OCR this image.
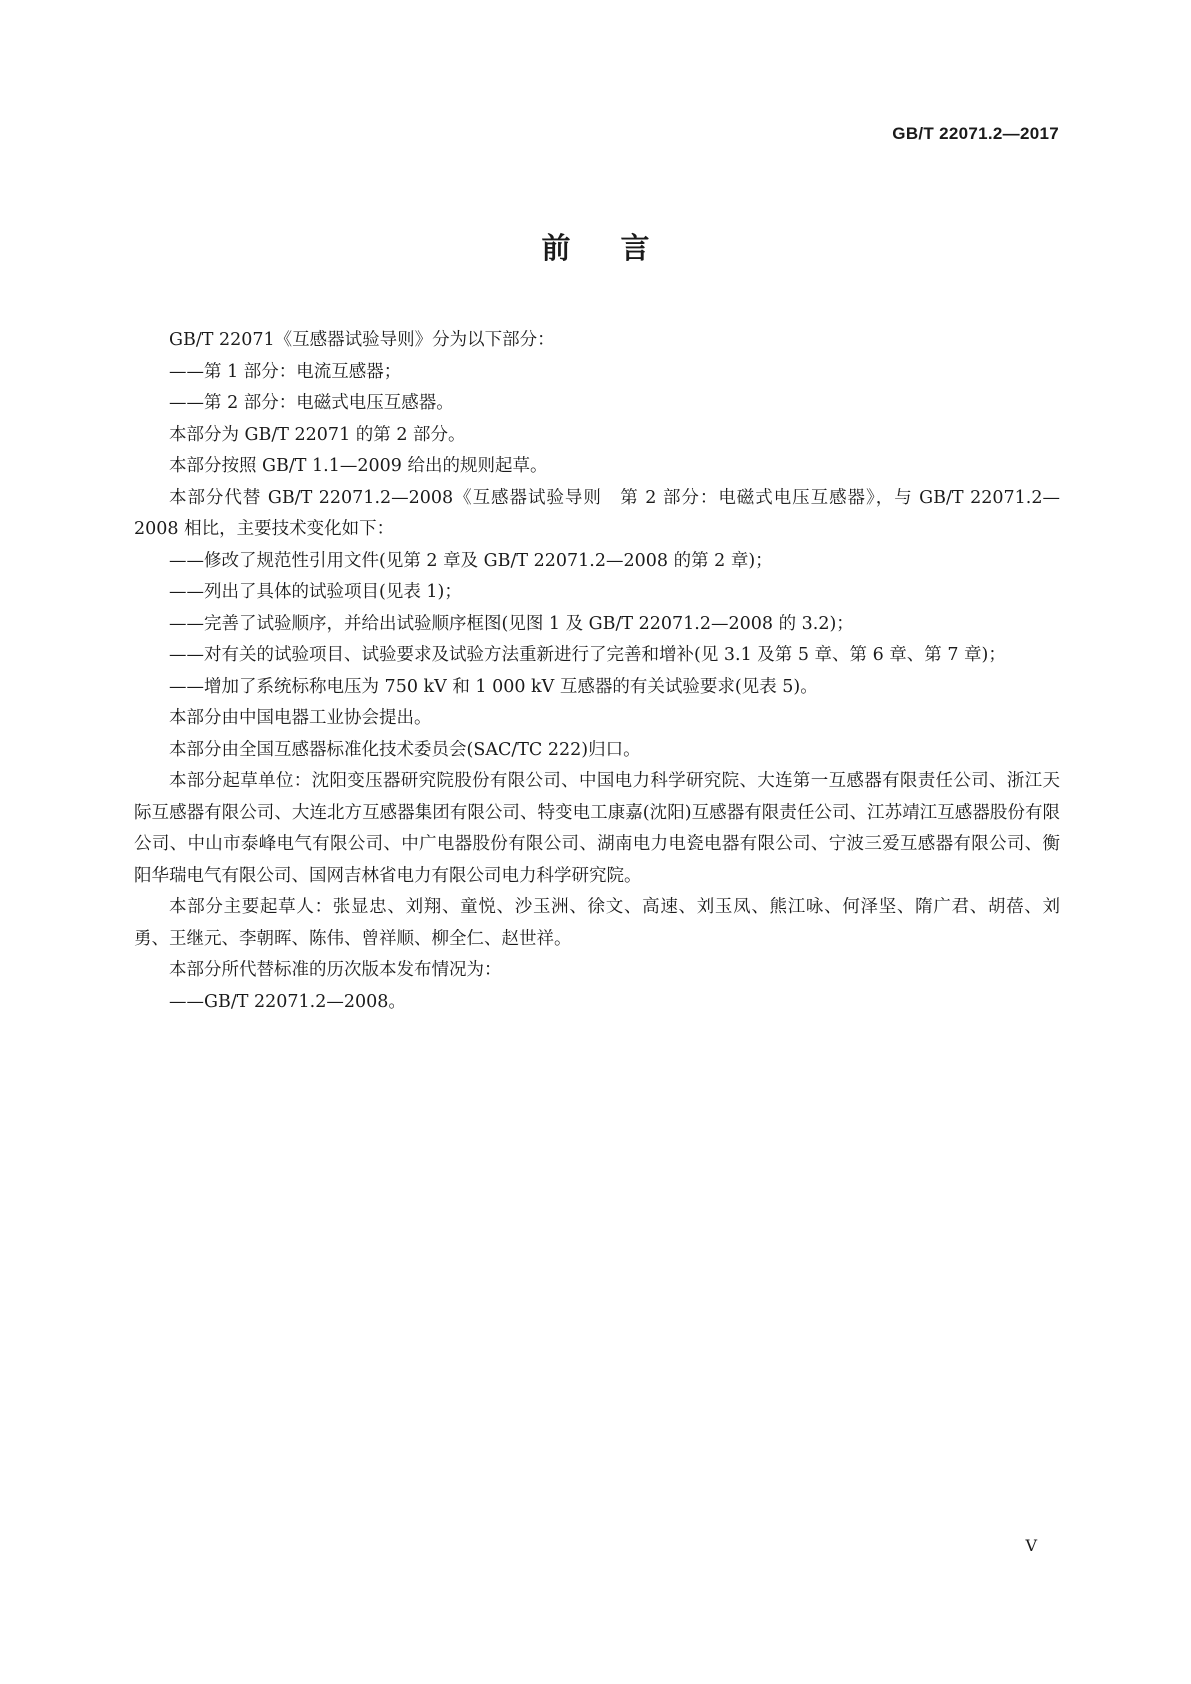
GB/T 22071.2—2017
前言

GB/T 22071《互感器试验导则》分为以下部分：

——第 1 部分：电流互感器；

——第 2 部分：电磁式电压互感器。

本部分为 GB/T 22071 的第 2 部分。

本部分按照 GB/T 1.1—2009 给出的规则起草。

本部分代替 GB/T 22071.2—2008《互感器试验导则　第 2 部分：电磁式电压互感器》，与 GB/T 22071.2—2008 相比，主要技术变化如下：

——修改了规范性引用文件(见第 2 章及 GB/T 22071.2—2008 的第 2 章)；

——列出了具体的试验项目(见表 1)；

——完善了试验顺序，并给出试验顺序框图(见图 1 及 GB/T 22071.2—2008 的 3.2)；

——对有关的试验项目、试验要求及试验方法重新进行了完善和增补(见 3.1 及第 5 章、第 6 章、第 7 章)；

——增加了系统标称电压为 750 kV 和 1 000 kV 互感器的有关试验要求(见表 5)。

本部分由中国电器工业协会提出。

本部分由全国互感器标准化技术委员会(SAC/TC 222)归口。

本部分起草单位：沈阳变压器研究院股份有限公司、中国电力科学研究院、大连第一互感器有限责任公司、浙江天际互感器有限公司、大连北方互感器集团有限公司、特变电工康嘉(沈阳)互感器有限责任公司、江苏靖江互感器股份有限公司、中山市泰峰电气有限公司、中广电器股份有限公司、湖南电力电瓷电器有限公司、宁波三爱互感器有限公司、衡阳华瑞电气有限公司、国网吉林省电力有限公司电力科学研究院。

本部分主要起草人：张显忠、刘翔、童悦、沙玉洲、徐文、高速、刘玉凤、熊江咏、何泽坚、隋广君、胡蓓、刘勇、王继元、李朝晖、陈伟、曾祥顺、柳全仁、赵世祥。

本部分所代替标准的历次版本发布情况为：

——GB/T 22071.2—2008。

V
